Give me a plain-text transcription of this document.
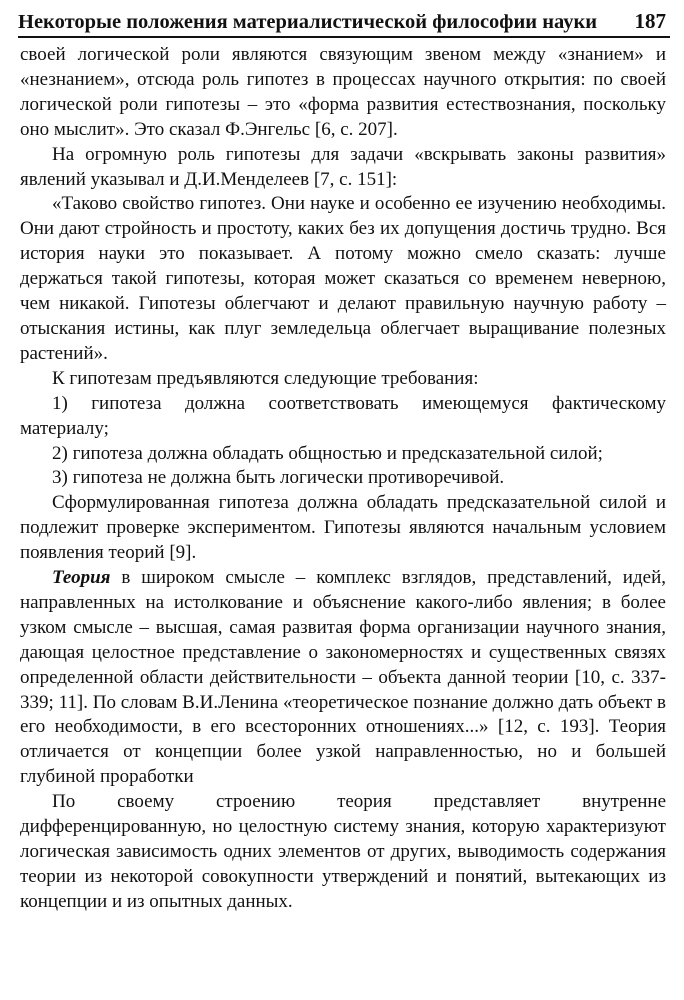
Некоторые положения материалистической философии науки 187

своей логической роли являются связующим звеном между «знанием» и «незнанием», отсюда роль гипотез в процессах научного открытия: по своей логической роли гипотезы – это «форма развития естествознания, поскольку оно мыслит». Это сказал Ф.Энгельс [6, с. 207].

На огромную роль гипотезы для задачи «вскрывать законы развития» явлений указывал и Д.И.Менделеев [7, с. 151]:

«Таково свойство гипотез. Они науке и особенно ее изучению необходимы. Они дают стройность и простоту, каких без их допущения достичь трудно. Вся история науки это показывает. А потому можно смело сказать: лучше держаться такой гипотезы, которая может сказаться со временем неверною, чем никакой. Гипотезы облегчают и делают правильную научную работу – отыскания истины, как плуг земледельца облегчает выращивание полезных растений».

К гипотезам предъявляются следующие требования:

1) гипотеза должна соответствовать имеющемуся фактическому материалу;

2) гипотеза должна обладать общностью и предсказательной силой;

3) гипотеза не должна быть логически противоречивой.

Сформулированная гипотеза должна обладать предсказательной силой и подлежит проверке экспериментом. Гипотезы являются начальным условием появления теорий [9].

Теория в широком смысле – комплекс взглядов, представлений, идей, направленных на истолкование и объяснение какого-либо явления; в более узком смысле – высшая, самая развитая форма организации научного знания, дающая целостное представление о закономерностях и существенных связях определенной области действительности – объекта данной теории [10, с. 337-339; 11]. По словам В.И.Ленина «теоретическое познание должно дать объект в его необходимости, в его всесторонних отношениях...» [12, с. 193]. Теория отличается от концепции более узкой направленностью, но и большей глубиной проработки

По своему строению теория представляет внутренне дифференцированную, но целостную систему знания, которую характеризуют логическая зависимость одних элементов от других, выводимость содержания теории из некоторой совокупности утверждений и понятий, вытекающих из концепции и из опытных данных.
